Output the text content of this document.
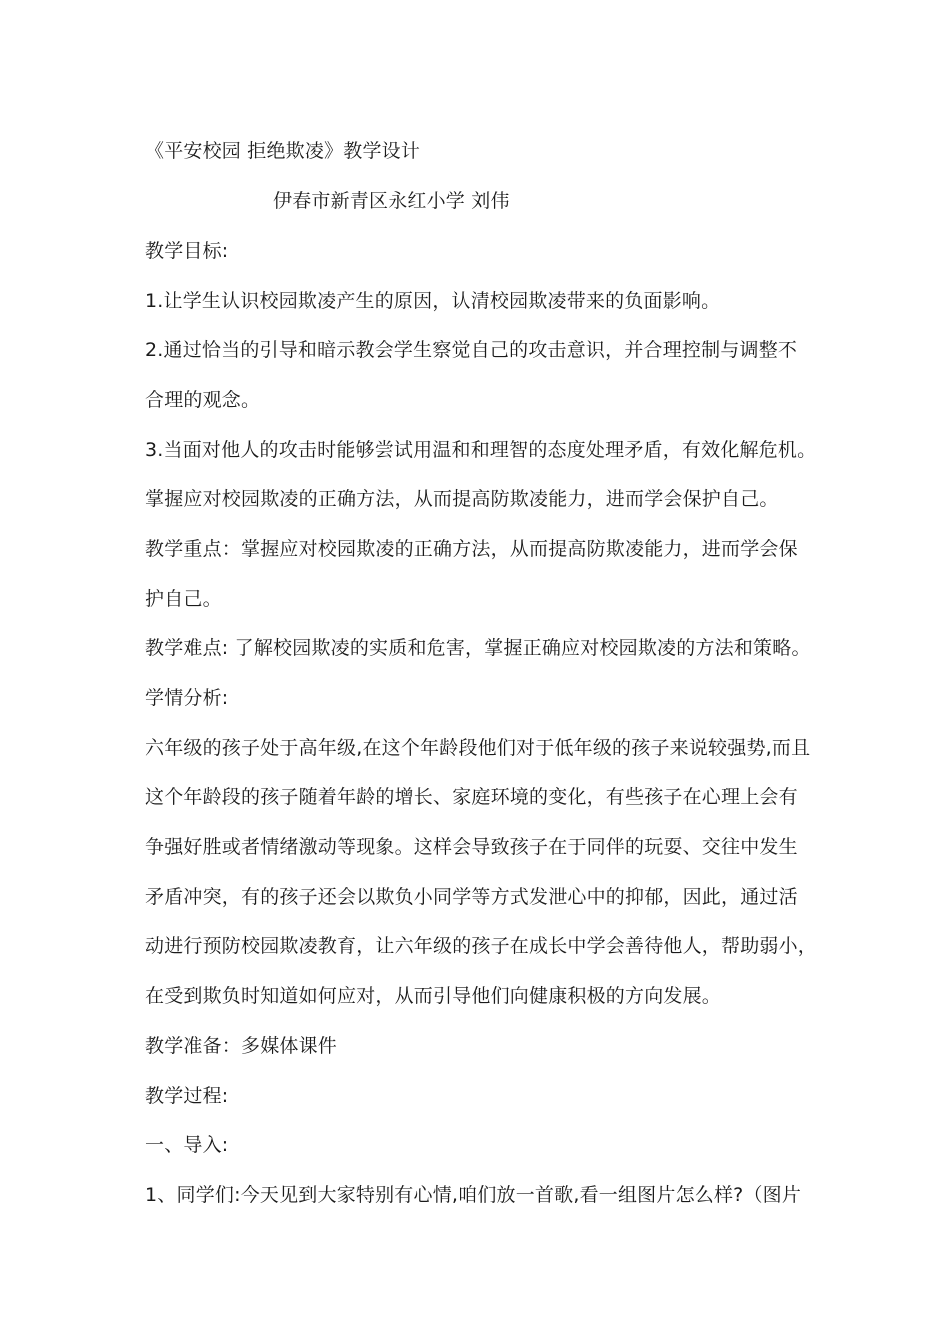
《平安校园 拒绝欺凌》教学设计
伊春市新青区永红小学 刘伟
教学目标:
1.让学生认识校园欺凌产生的原因，认清校园欺凌带来的负面影响。
2.通过恰当的引导和暗示教会学生察觉自己的攻击意识，并合理控制与调整不
合理的观念。
3.当面对他人的攻击时能够尝试用温和和理智的态度处理矛盾，有效化解危机。
掌握应对校园欺凌的正确方法，从而提高防欺凌能力，进而学会保护自己。
教学重点：掌握应对校园欺凌的正确方法，从而提高防欺凌能力，进而学会保
护自己。
教学难点: 了解校园欺凌的实质和危害，掌握正确应对校园欺凌的方法和策略。
学情分析:
六年级的孩子处于高年级,在这个年龄段他们对于低年级的孩子来说较强势,而且
这个年龄段的孩子随着年龄的增长、家庭环境的变化，有些孩子在心理上会有
争强好胜或者情绪激动等现象。这样会导致孩子在于同伴的玩耍、交往中发生
矛盾冲突，有的孩子还会以欺负小同学等方式发泄心中的抑郁，因此，通过活
动进行预防校园欺凌教育，让六年级的孩子在成长中学会善待他人，帮助弱小，
在受到欺负时知道如何应对，从而引导他们向健康积极的方向发展。
教学准备：多媒体课件
教学过程:
一、导入:
1、同学们:今天见到大家特别有心情,咱们放一首歌,看一组图片怎么样?（图片
